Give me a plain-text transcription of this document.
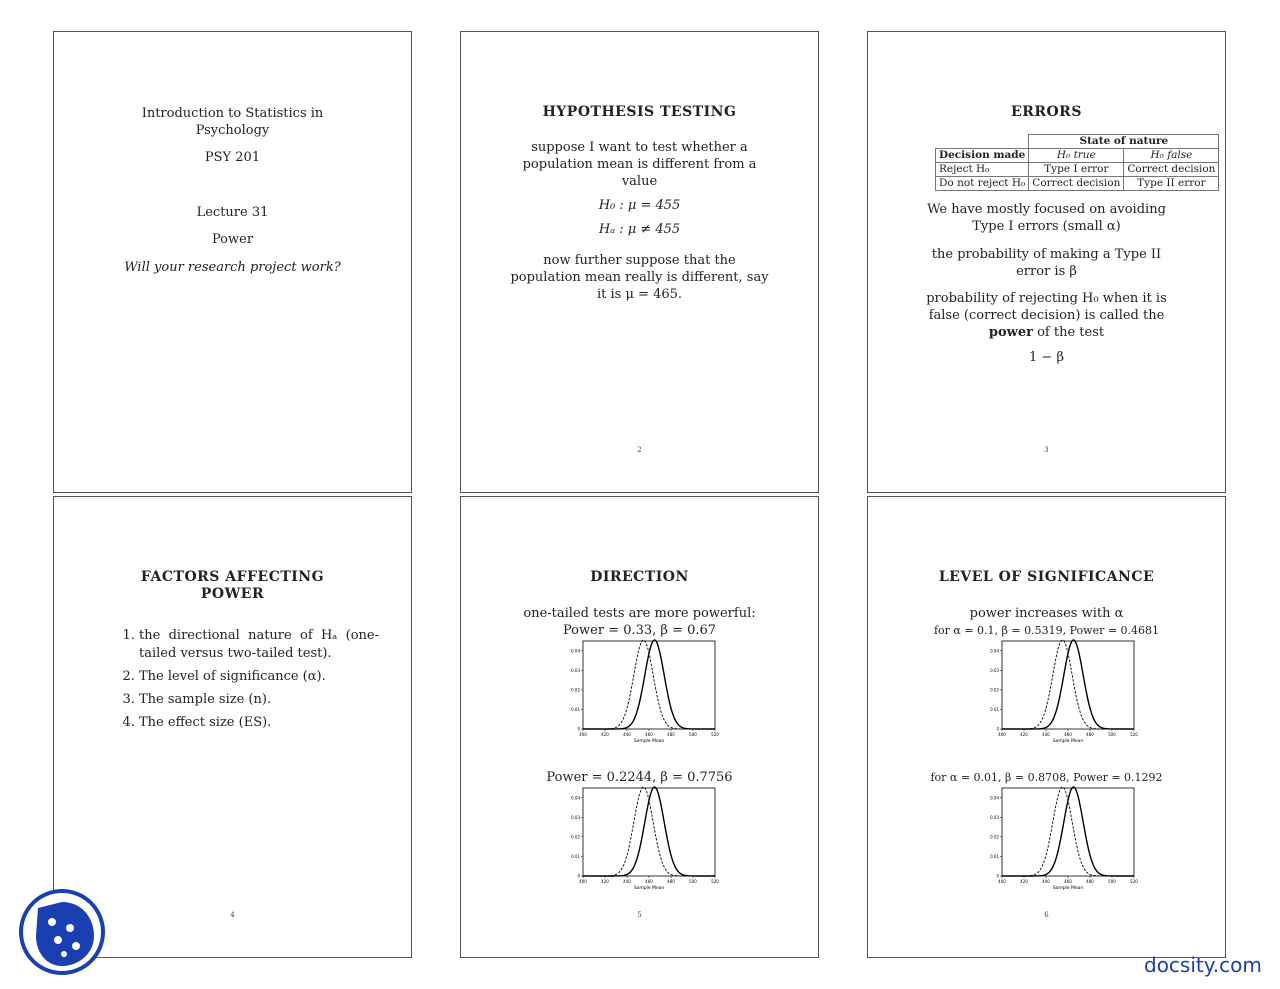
Introduction to Statistics in
Psychology
PSY 201
Lecture 31
Power
Will your research project work?
HYPOTHESIS TESTING
suppose I want to test whether a
population mean is different from a
value
H₀ : μ = 455
Hₐ : μ ≠ 455
now further suppose that the
population mean really is different, say
it is μ = 465.
2
ERRORS
	State of nature	
Decision made	H₀ true	H₀ false
Reject H₀	Type I error	Correct decision
Do not reject H₀	Correct decision	Type II error
We have mostly focused on avoiding
Type I errors (small α)
the probability of making a Type II
error is β
probability of rejecting H₀ when it is
false (correct decision) is called the
power of the test
1 − β
3
FACTORS AFFECTING
POWER
1. the directional nature of Hₐ (one-tailed versus two-tailed test).
2. The level of significance (α).
3. The sample size (n).
4. The effect size (ES).
4
DIRECTION
one-tailed tests are more powerful:
Power = 0.33, β = 0.67
400	420	440	460	480	500	520
0
0.01
0.02
0.03
0.04
Sample Mean
Power = 0.2244, β = 0.7756
400	420	440	460	480	500	520
0
0.01
0.02
0.03
0.04
Sample Mean
5
LEVEL OF SIGNIFICANCE
power increases with α
for α = 0.1, β = 0.5319, Power = 0.4681
400	420	440	460	480	500	520
0
0.01
0.02
0.03
0.04
Sample Mean
for α = 0.01, β = 0.8708, Power = 0.1292
400	420	440	460	480	500	520
0
0.01
0.02
0.03
0.04
Sample Mean
6
docsity.com
